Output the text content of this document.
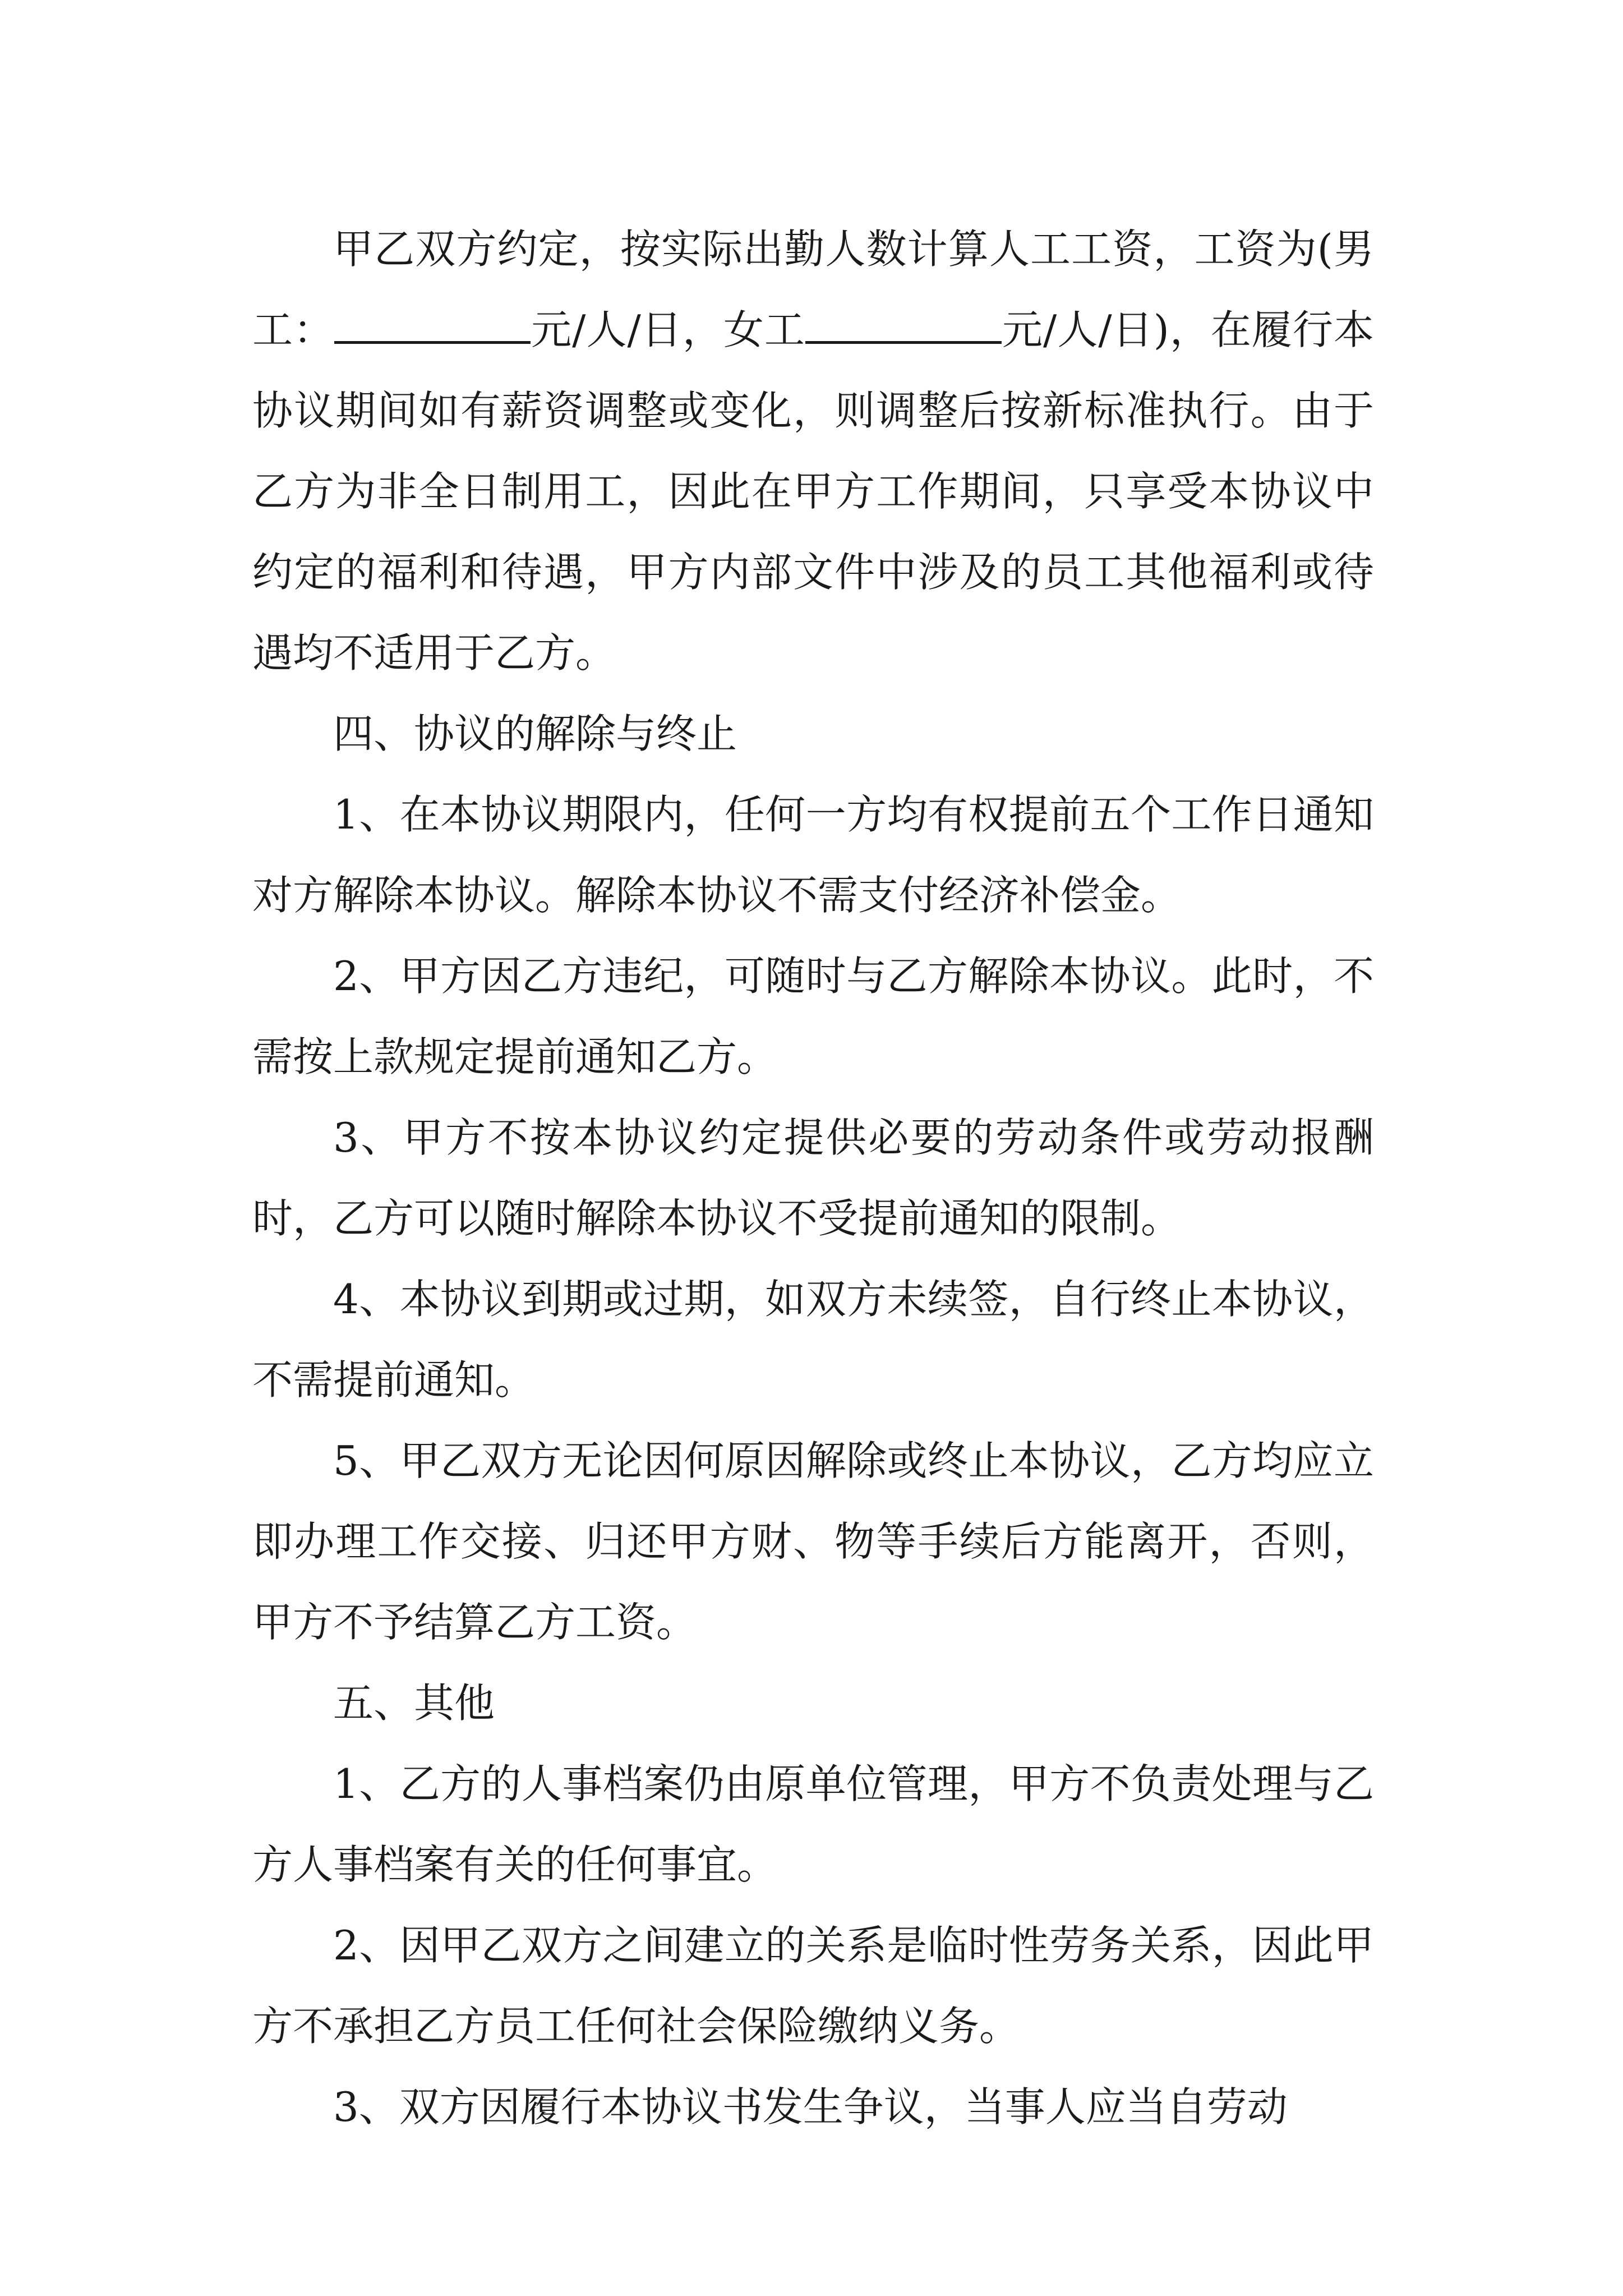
甲乙双方约定，按实际出勤人数计算人工工资，工资为(男工：	元/人/日，女工	元/人/日)，在履行本协议期间如有薪资调整或变化，则调整后按新标准执行。由于乙方为非全日制用工，因此在甲方工作期间，只享受本协议中约定的福利和待遇，甲方内部文件中涉及的员工其他福利或待遇均不适用于乙方。

四、协议的解除与终止

1、在本协议期限内，任何一方均有权提前五个工作日通知对方解除本协议。解除本协议不需支付经济补偿金。

2、甲方因乙方违纪，可随时与乙方解除本协议。此时，不需按上款规定提前通知乙方。

3、甲方不按本协议约定提供必要的劳动条件或劳动报酬时，乙方可以随时解除本协议不受提前通知的限制。

4、本协议到期或过期，如双方未续签，自行终止本协议，不需提前通知。

5、甲乙双方无论因何原因解除或终止本协议，乙方均应立即办理工作交接、归还甲方财、物等手续后方能离开，否则，甲方不予结算乙方工资。

五、其他

1、乙方的人事档案仍由原单位管理，甲方不负责处理与乙方人事档案有关的任何事宜。

2、因甲乙双方之间建立的关系是临时性劳务关系，因此甲方不承担乙方员工任何社会保险缴纳义务。

3、双方因履行本协议书发生争议，当事人应当自劳动
